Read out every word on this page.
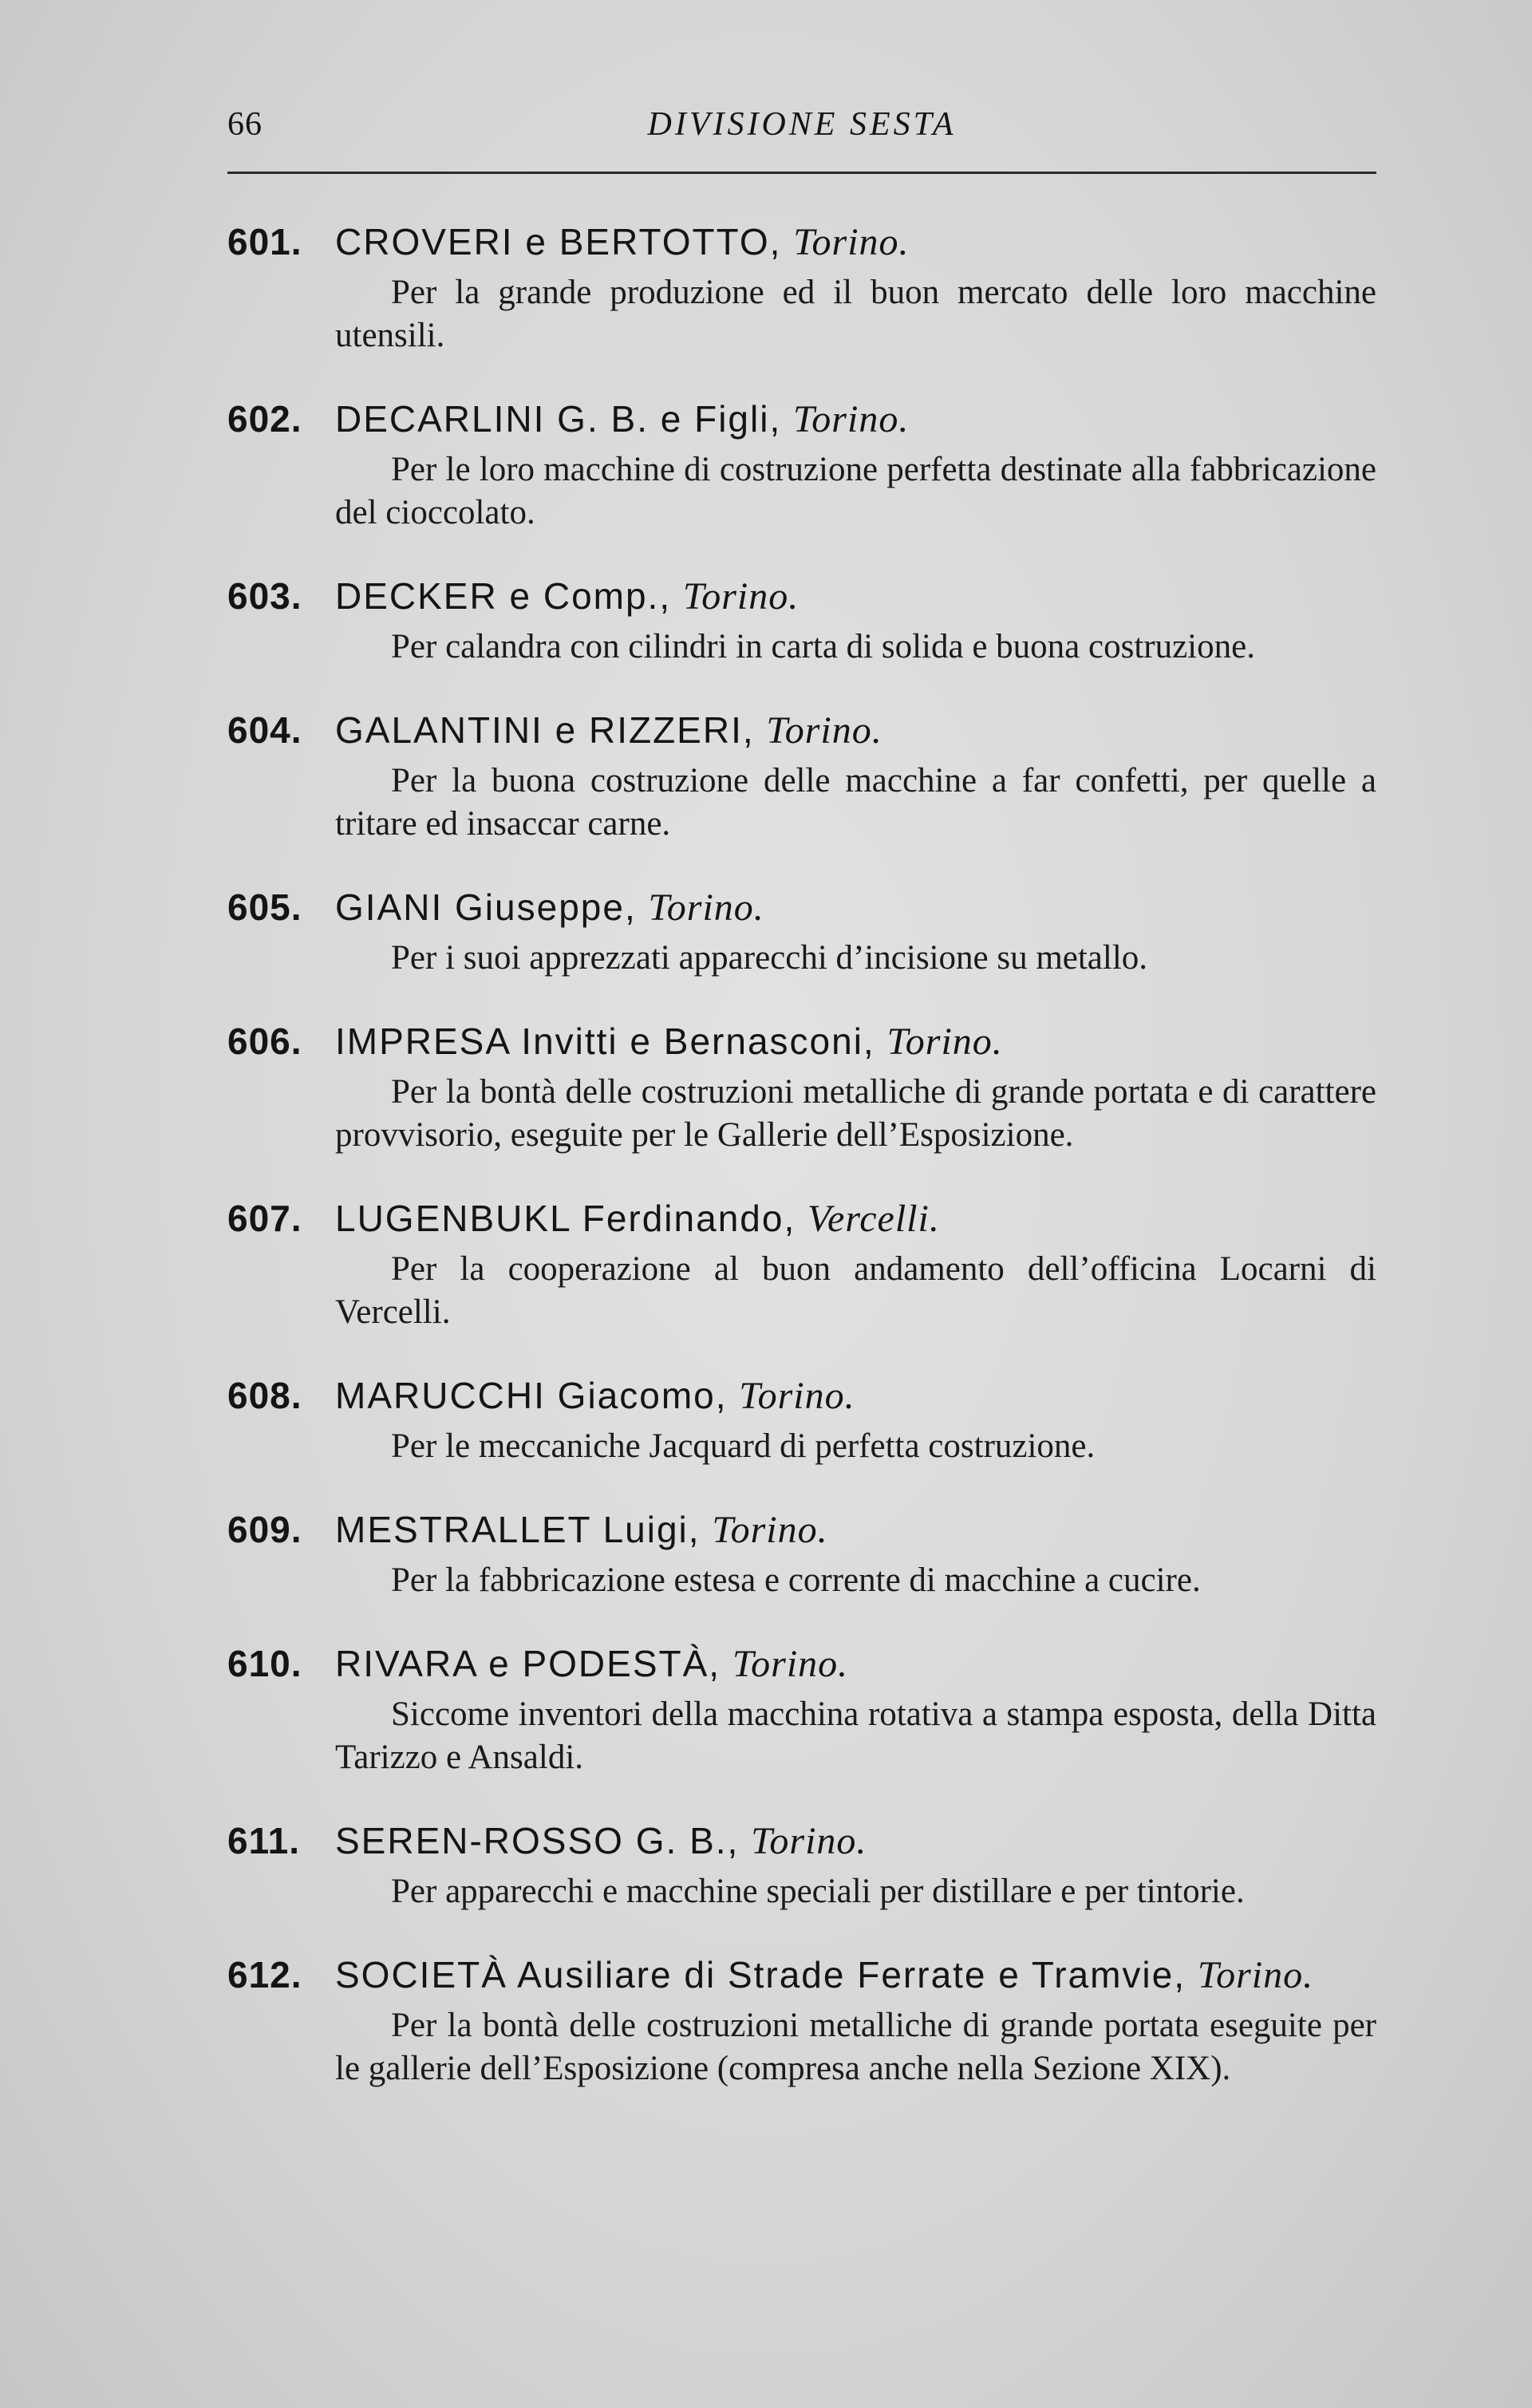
66	DIVISIONE SESTA
601. CROVERI e BERTOTTO, Torino.

Per la grande produzione ed il buon mercato delle loro macchine utensili.

602. DECARLINI G. B. e Figli, Torino.

Per le loro macchine di costruzione perfetta destinate alla fabbricazione del cioccolato.

603. DECKER e Comp., Torino.

Per calandra con cilindri in carta di solida e buona costruzione.

604. GALANTINI e RIZZERI, Torino.

Per la buona costruzione delle macchine a far confetti, per quelle a tritare ed insaccar carne.

605. GIANI Giuseppe, Torino.

Per i suoi apprezzati apparecchi d’incisione su metallo.

606. IMPRESA Invitti e Bernasconi, Torino.

Per la bontà delle costruzioni metalliche di grande portata e di carattere provvisorio, eseguite per le Gallerie dell’Esposizione.

607. LUGENBUKL Ferdinando, Vercelli.

Per la cooperazione al buon andamento dell’officina Locarni di Vercelli.

608. MARUCCHI Giacomo, Torino.

Per le meccaniche Jacquard di perfetta costruzione.

609. MESTRALLET Luigi, Torino.

Per la fabbricazione estesa e corrente di macchine a cucire.

610. RIVARA e PODESTÀ, Torino.

Siccome inventori della macchina rotativa a stampa esposta, della Ditta Tarizzo e Ansaldi.

611. SEREN-ROSSO G. B., Torino.

Per apparecchi e macchine speciali per distillare e per tintorie.

612. SOCIETÀ Ausiliare di Strade Ferrate e Tramvie, Torino.

Per la bontà delle costruzioni metalliche di grande portata eseguite per le gallerie dell’Esposizione (compresa anche nella Sezione XIX).
